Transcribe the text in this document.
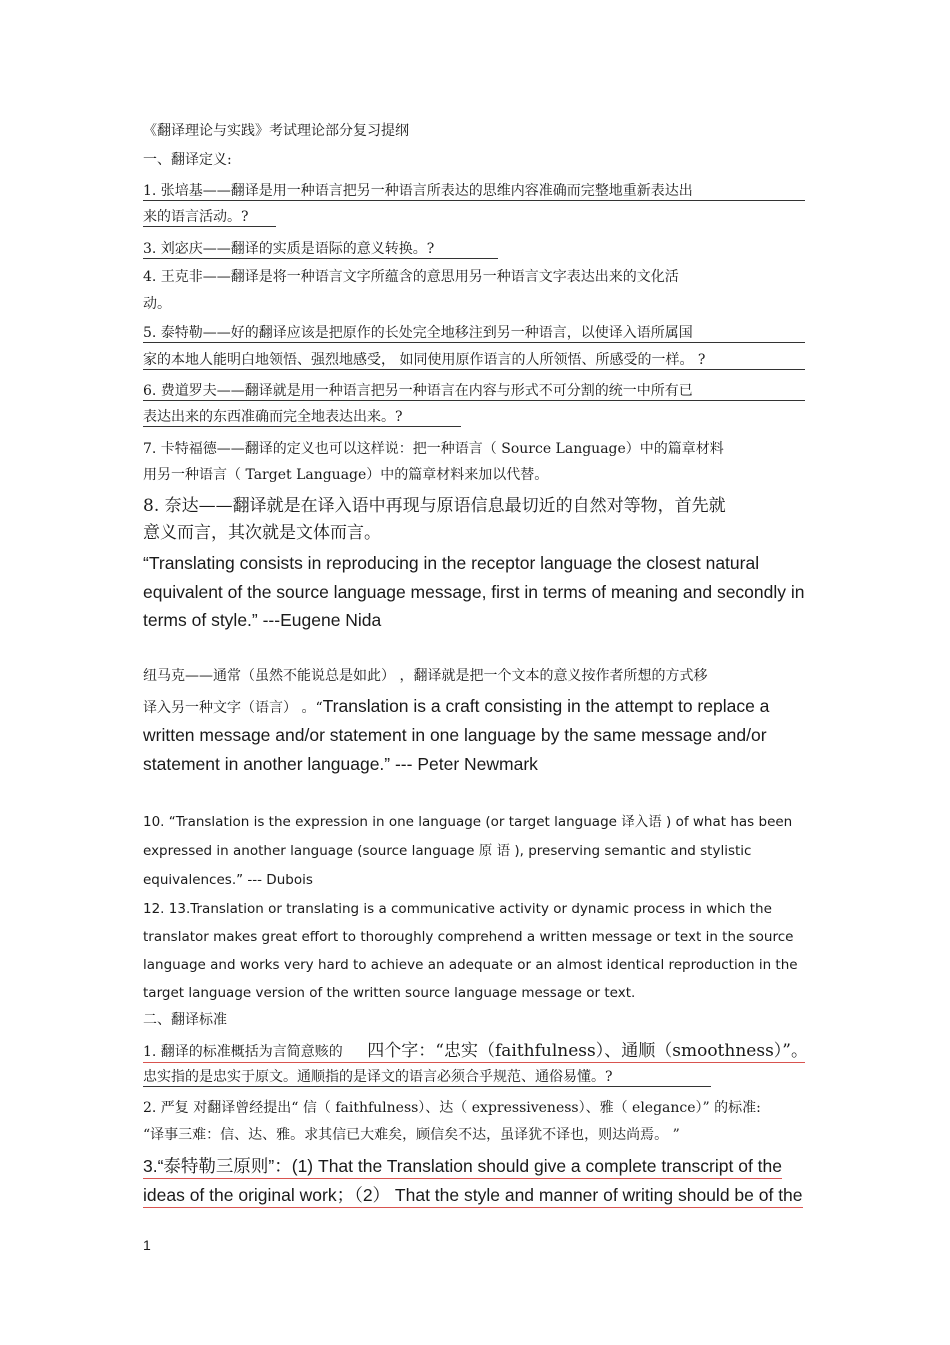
《翻译理论与实践》考试理论部分复习提纲
一、翻译定义:
1. 张培基——翻译是用一种语言把另一种语言所表达的思维内容准确而完整地重新表达出
来的语言活动。?
3. 刘宓庆——翻译的实质是语际的意义转换。?
4. 王克非——翻译是将一种语言文字所蕴含的意思用另一种语言文字表达出来的文化活
动。
5. 泰特勒——好的翻译应该是把原作的长处完全地移注到另一种语言，以使译入语所属国
家的本地人能明白地领悟、强烈地感受， 如同使用原作语言的人所领悟、所感受的一样。 ?
6. 费道罗夫——翻译就是用一种语言把另一种语言在内容与形式不可分割的统一中所有已
表达出来的东西准确而完全地表达出来。?
7. 卡特福德——翻译的定义也可以这样说：把一种语言（ Source Language）中的篇章材料
用另一种语言（ Target Language）中的篇章材料来加以代替。
8. 奈达——翻译就是在译入语中再现与原语信息最切近的自然对等物，首先就
意义而言，其次就是文体而言。
“Translating consists in reproducing in the receptor language the closest natural
equivalent of the source language message, first in terms of meaning and secondly in
terms of style.” ---Eugene Nida
纽马克——通常（虽然不能说总是如此） ，翻译就是把一个文本的意义按作者所想的方式移
译入另一种文字（语言） 。“Translation is a craft consisting in the attempt to replace a
written message and/or statement in one language by the same message and/or
statement in another language.” --- Peter Newmark
10. “Translation is the expression in one language (or target language 译入语 ) of what has been
expressed in another language (source language 原 语 ), preserving semantic and stylistic
equivalences.” --- Dubois
12. 13.Translation or translating is a communicative activity or dynamic process in which the
translator makes great effort to thoroughly comprehend a written message or text in the source
language and works very hard to achieve an adequate or an almost identical reproduction in the
target language version of the written source language message or text.
二、翻译标准
1. 翻译的标准概括为言简意赅的 四个字：“忠实（faithfulness）、通顺（smoothness）”。
忠实指的是忠实于原文。通顺指的是译文的语言必须合乎规范、通俗易懂。?
2. 严复 对翻译曾经提出“ 信（ faithfulness）、达（ expressiveness）、雅（ elegance）” 的标准:
“译事三难：信、达、雅。求其信已大难矣，顾信矣不达，虽译犹不译也，则达尚焉。 ”
3.“泰特勒三原则”：(1) That the Translation should give a complete transcript of the
ideas of the original work；（2） That the style and manner of writing should be of the
1
